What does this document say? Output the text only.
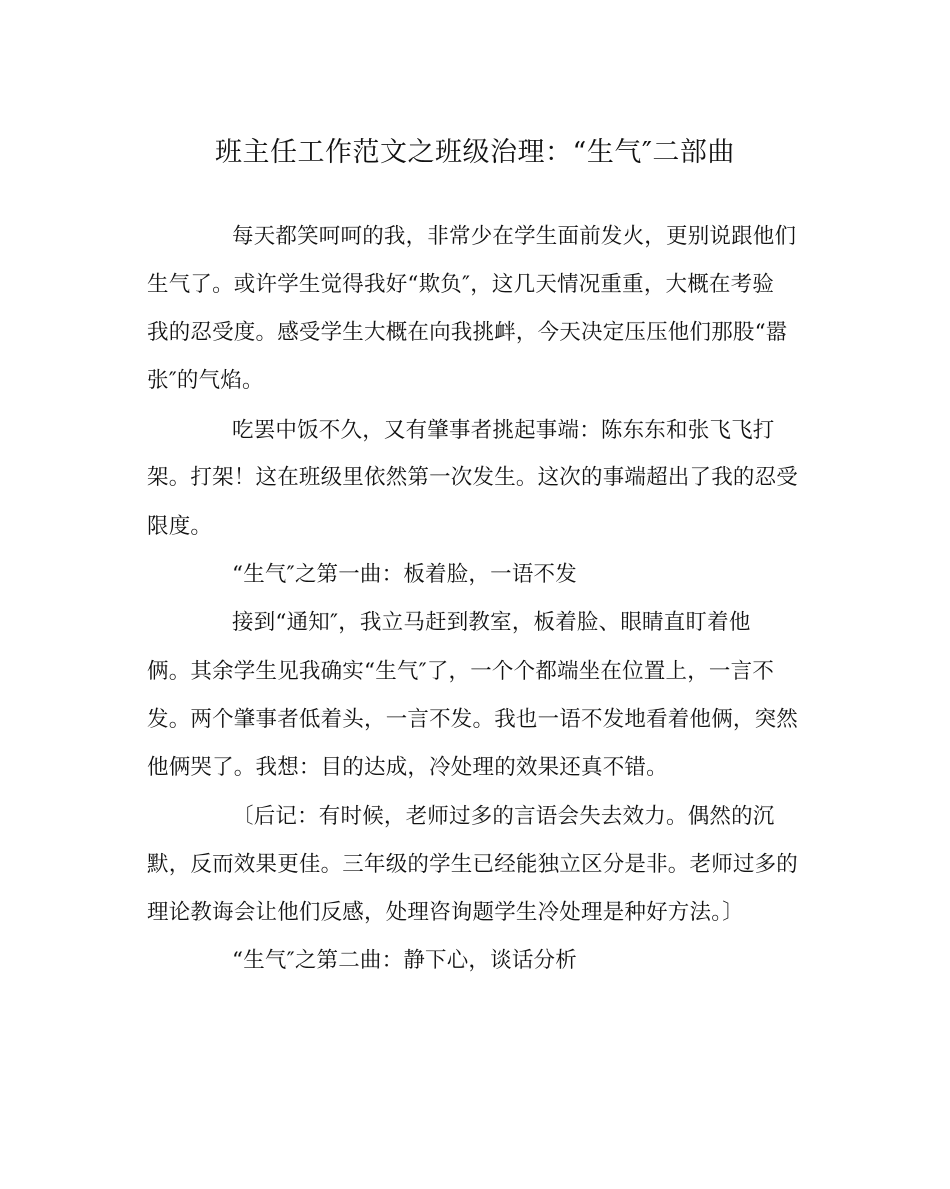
班主任工作范文之班级治理：“生气″二部曲
每天都笑呵呵的我，非常少在学生面前发火，更别说跟他们
生气了。或许学生觉得我好“欺负″，这几天情况重重，大概在考验
我的忍受度。感受学生大概在向我挑衅，今天决定压压他们那股“嚣
张″的气焰。
吃罢中饭不久，又有肇事者挑起事端：陈东东和张飞飞打
架。打架！这在班级里依然第一次发生。这次的事端超出了我的忍受
限度。
“生气″之第一曲：板着脸，一语不发
接到“通知″，我立马赶到教室，板着脸、眼睛直盯着他
俩。其余学生见我确实“生气″了，一个个都端坐在位置上，一言不
发。两个肇事者低着头，一言不发。我也一语不发地看着他俩，突然
他俩哭了。我想：目的达成，冷处理的效果还真不错。
〔后记：有时候，老师过多的言语会失去效力。偶然的沉
默，反而效果更佳。三年级的学生已经能独立区分是非。老师过多的
理论教诲会让他们反感，处理咨询题学生冷处理是种好方法。〕
“生气″之第二曲：静下心，谈话分析
